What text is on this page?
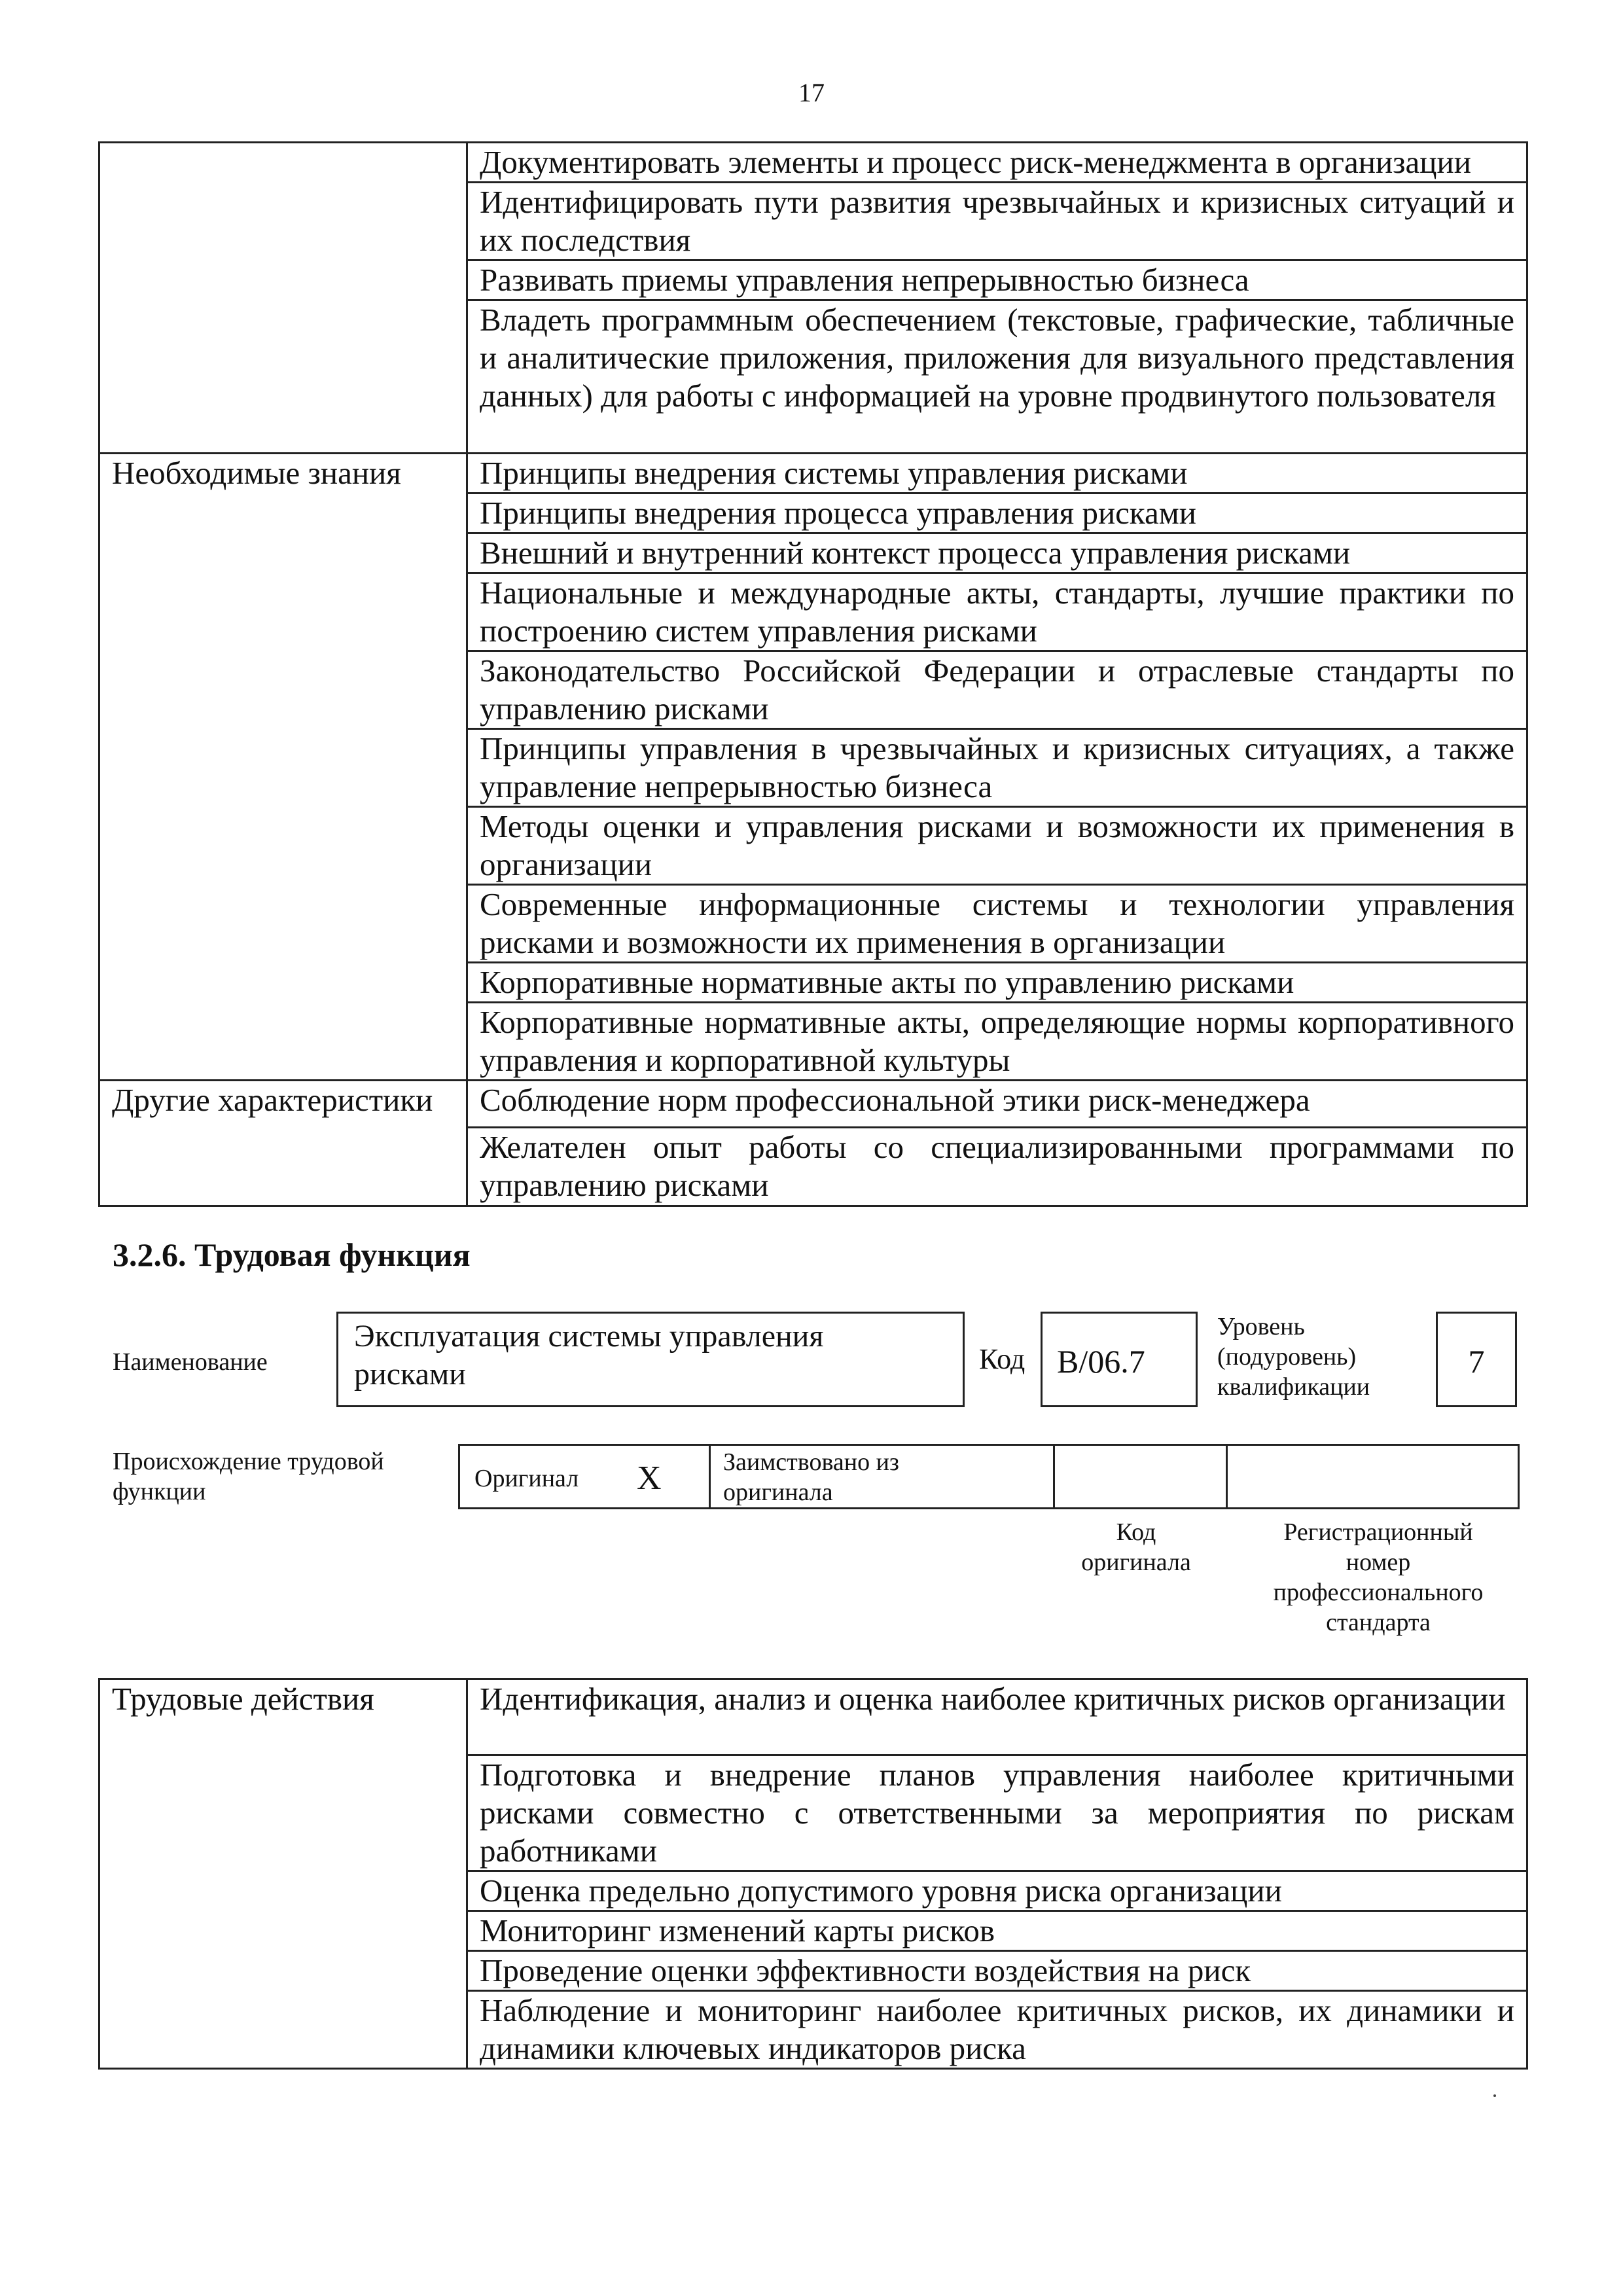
17
	Документировать элементы и процесс риск-менеджмента в организации
	Идентифицировать пути развития чрезвычайных и кризисных ситуаций и их последствия
	Развивать приемы управления непрерывностью бизнеса
	Владеть программным обеспечением (текстовые, графические, табличные и аналитические приложения, приложения для визуального представления данных) для работы с информацией на уровне продвинутого пользователя
Необходимые знания	Принципы внедрения системы управления рисками
	Принципы внедрения процесса управления рисками
	Внешний и внутренний контекст процесса управления рисками
	Национальные и международные акты, стандарты, лучшие практики по построению систем управления рисками
	Законодательство Российской Федерации и отраслевые стандарты по управлению рисками
	Принципы управления в чрезвычайных и кризисных ситуациях, а также управление непрерывностью бизнеса
	Методы оценки и управления рисками и возможности их применения в организации
	Современные информационные системы и технологии управления рисками и возможности их применения в организации
	Корпоративные нормативные акты по управлению рисками
	Корпоративные нормативные акты, определяющие нормы корпоративного управления и корпоративной культуры
Другие характеристики	Соблюдение норм профессиональной этики риск-менеджера
	Желателен опыт работы со специализированными программами по управлению рисками
3.2.6. Трудовая функция
Наименование
Эксплуатация системы управления
рисками	Код B/06.7
Уровень
(подуровень)
квалификации
7
Происхождение трудовой
функции	Оригинал X Заимствовано из
оригинала
Код
оригинала
Регистрационный
номер
профессионального
стандарта
Трудовые действия	Идентификация, анализ и оценка наиболее критичных рисков организации
Подготовка и внедрение планов управления наиболее критичными рисками совместно с ответственными за мероприятия по рискам работниками
Оценка предельно допустимого уровня риска организации
Мониторинг изменений карты рисков
Проведение оценки эффективности воздействия на риск
Наблюдение и мониторинг наиболее критичных рисков, их динамики и динамики ключевых индикаторов риска
